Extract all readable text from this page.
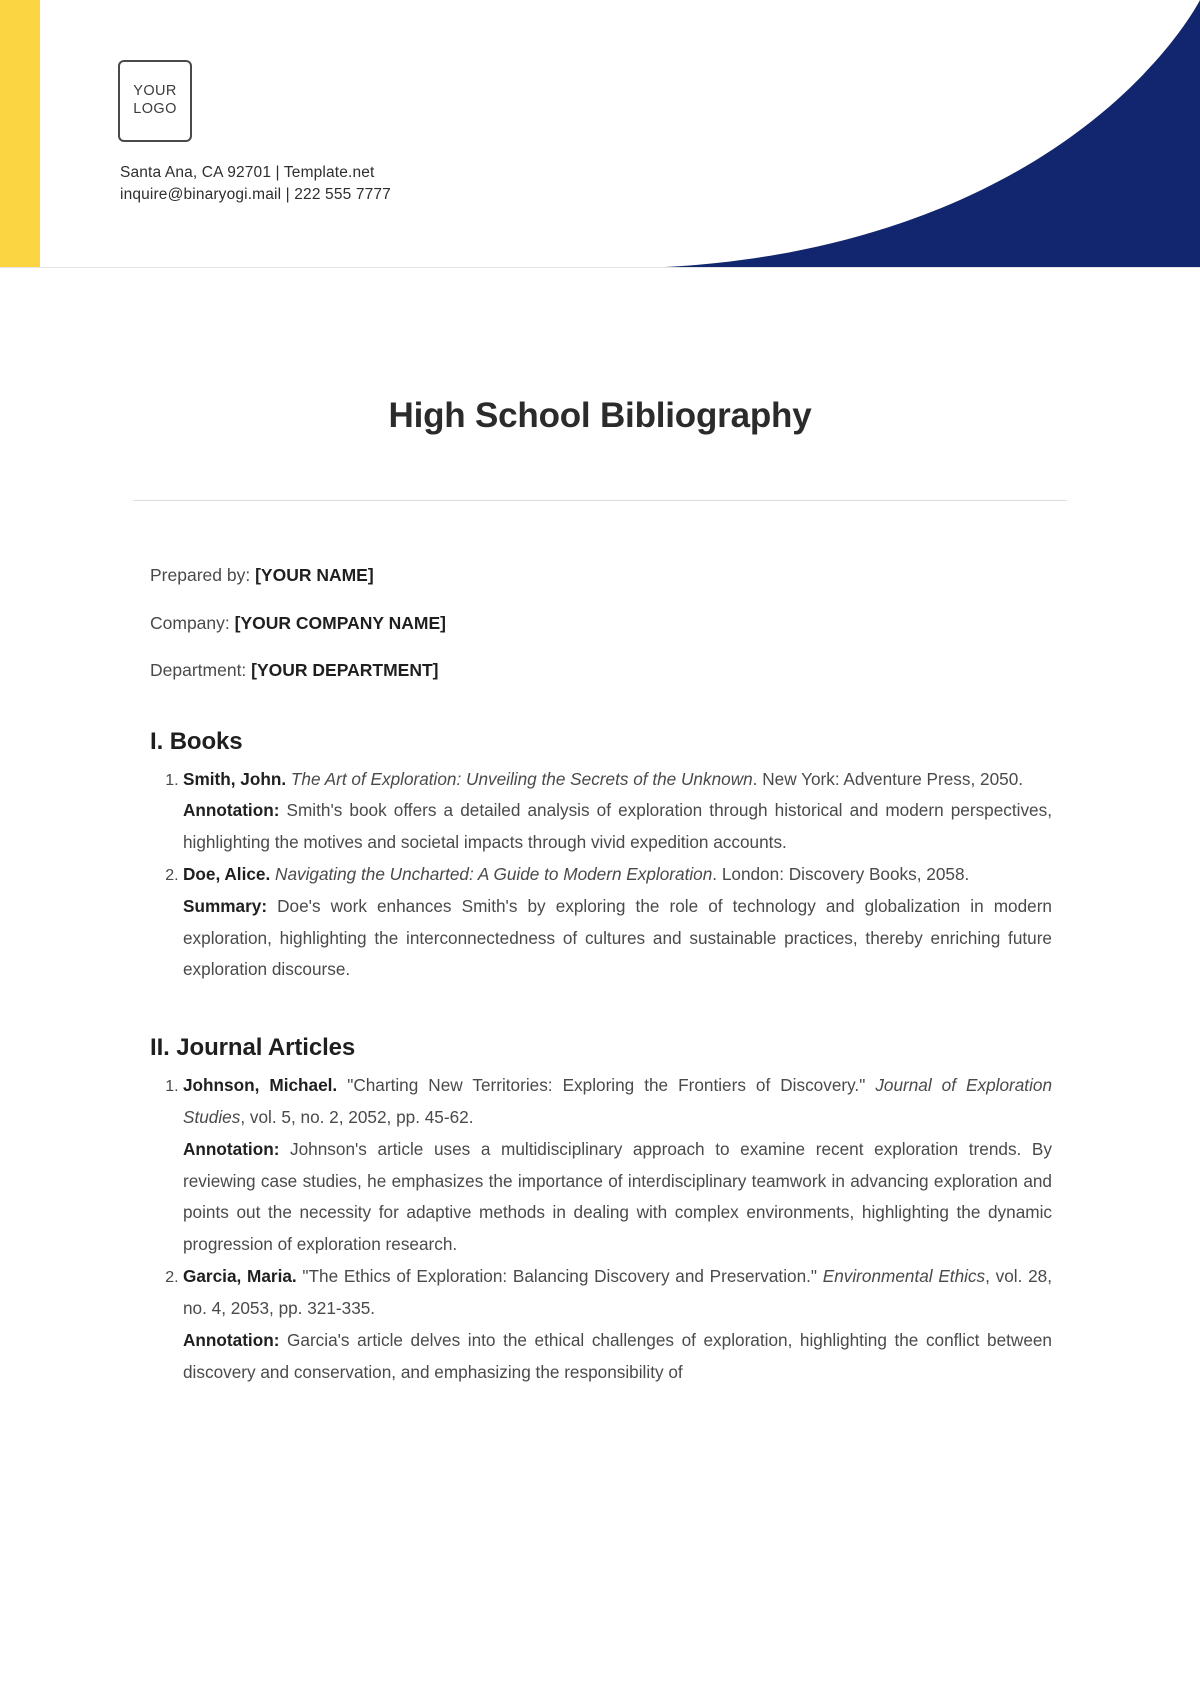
YOUR
LOGO
Santa Ana, CA 92701 | Template.net
inquire@binaryogi.mail | 222 555 7777
High School Bibliography

Prepared by: [YOUR NAME]

Company: [YOUR COMPANY NAME]

Department: [YOUR DEPARTMENT]

I. Books
1. Smith, John. The Art of Exploration: Unveiling the Secrets of the Unknown. New York: Adventure Press, 2050.
Annotation: Smith's book offers a detailed analysis of exploration through historical and modern perspectives, highlighting the motives and societal impacts through vivid expedition accounts.
2. Doe, Alice. Navigating the Uncharted: A Guide to Modern Exploration. London: Discovery Books, 2058.
Summary: Doe's work enhances Smith's by exploring the role of technology and globalization in modern exploration, highlighting the interconnectedness of cultures and sustainable practices, thereby enriching future exploration discourse.
II. Journal Articles
1. Johnson, Michael. "Charting New Territories: Exploring the Frontiers of Discovery." Journal of Exploration Studies, vol. 5, no. 2, 2052, pp. 45-62.
Annotation: Johnson's article uses a multidisciplinary approach to examine recent exploration trends. By reviewing case studies, he emphasizes the importance of interdisciplinary teamwork in advancing exploration and points out the necessity for adaptive methods in dealing with complex environments, highlighting the dynamic progression of exploration research.
2. Garcia, Maria. "The Ethics of Exploration: Balancing Discovery and Preservation." Environmental Ethics, vol. 28, no. 4, 2053, pp. 321-335.
Annotation: Garcia's article delves into the ethical challenges of exploration, highlighting the conflict between discovery and conservation, and emphasizing the responsibility of
